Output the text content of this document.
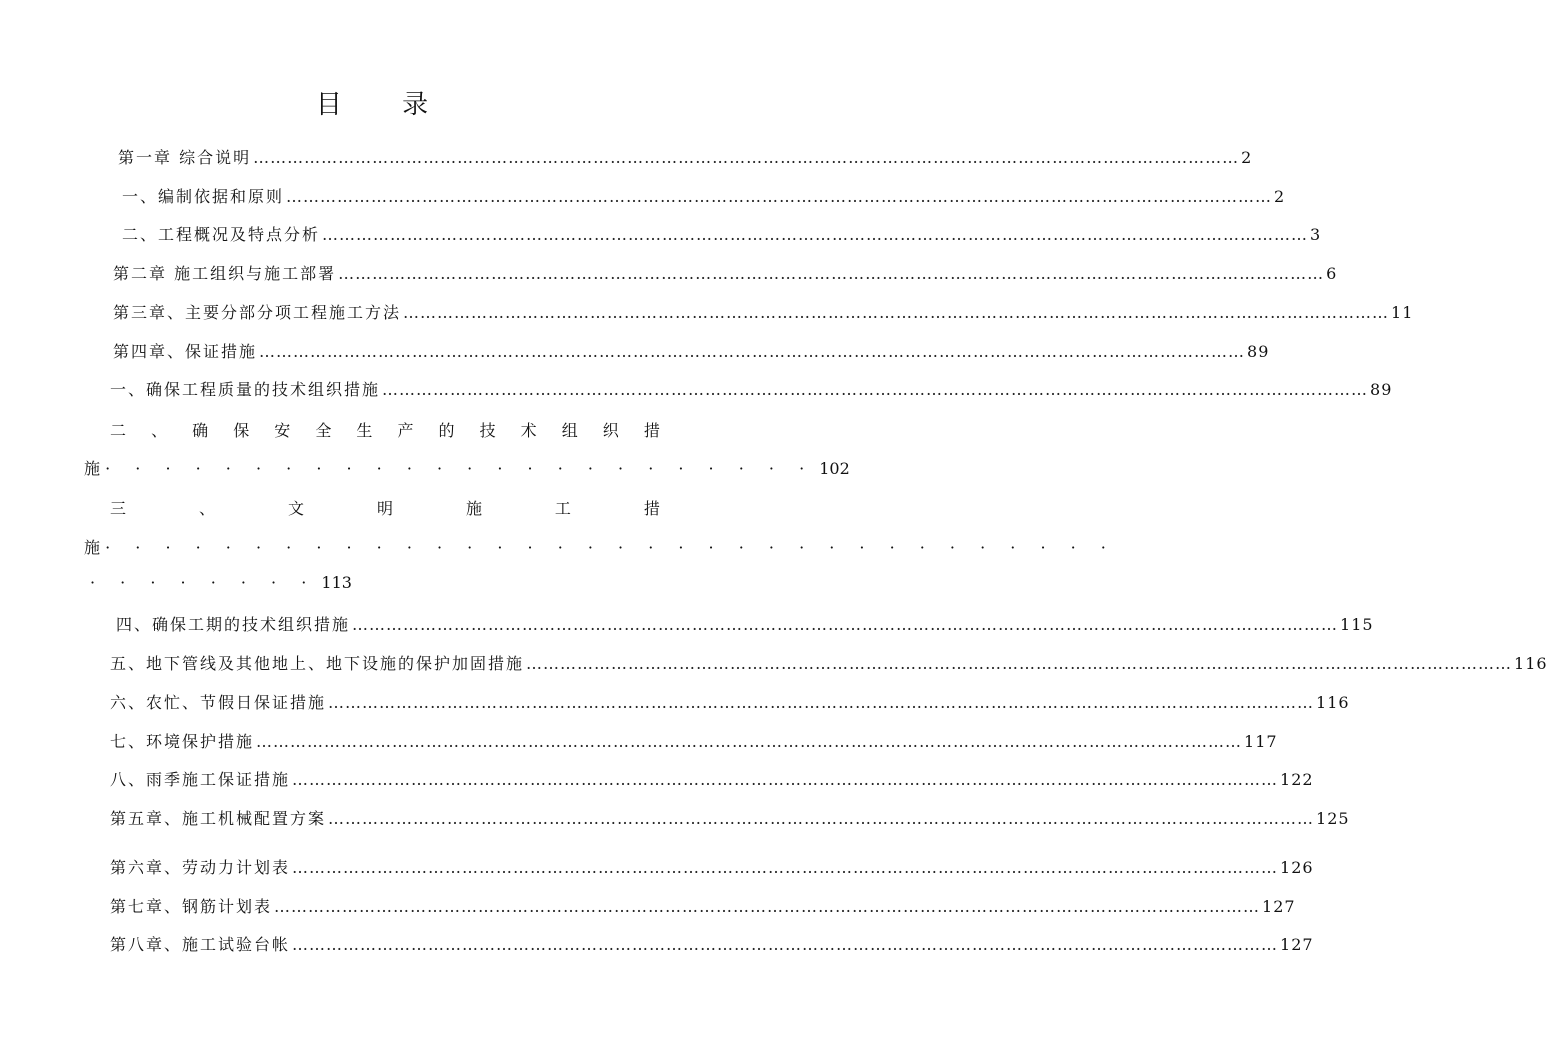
目 录
第一章 综合说明 …………………………………………………………………………………………………………………………………………………………	2
一、编制依据和原则 …………………………………………………………………………………………………………………………………………………………	2
二、工程概况及特点分析 …………………………………………………………………………………………………………………………………………………………	3
第二章 施工组织与施工部署 …………………………………………………………………………………………………………………………………………………………	6
第三章、主要分部分项工程施工方法 …………………………………………………………………………………………………………………………………………………………	11
第四章、保证措施 …………………………………………………………………………………………………………………………………………………………	89
一、确保工程质量的技术组织措施 …………………………………………………………………………………………………………………………………………………………	89
二 、 确 保 安 全 生 产 的 技 术 组 织 措
施 · · · · · · · · · · · · · · · · · · · · · · · · 102
三	、	文	明	施	工	措
施 · · · · · · · · · · · · · · · · · · · · · · · · · · · · · · · · · ·
· · · · · · · · 113
四、确保工期的技术组织措施 …………………………………………………………………………………………………………………………………………………………	115
五、地下管线及其他地上、地下设施的保护加固措施 …………………………………………………………………………………………………………………………………………………………	116
六、农忙、节假日保证措施 …………………………………………………………………………………………………………………………………………………………	116
七、环境保护措施 …………………………………………………………………………………………………………………………………………………………	117
八、雨季施工保证措施 …………………………………………………………………………………………………………………………………………………………	122
第五章、施工机械配置方案 …………………………………………………………………………………………………………………………………………………………	125
第六章、劳动力计划表 …………………………………………………………………………………………………………………………………………………………	126
第七章、钢筋计划表 …………………………………………………………………………………………………………………………………………………………	127
第八章、施工试验台帐 …………………………………………………………………………………………………………………………………………………………	127
